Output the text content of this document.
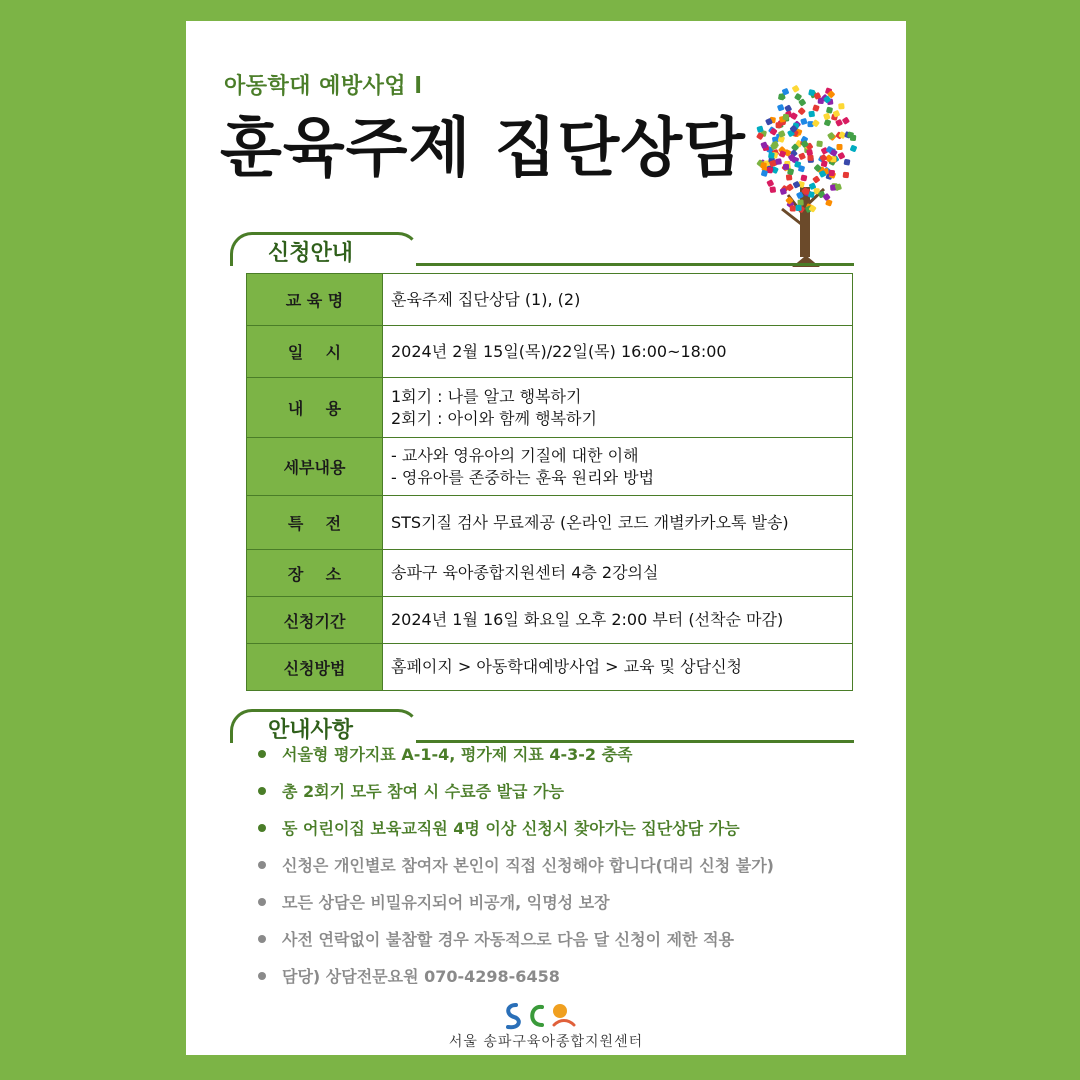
아동학대 예방사업 l
훈육주제 집단상담
신청안내
교 육 명	훈육주제 집단상담 (1), (2)
일    시	2024년 2월 15일(목)/22일(목) 16:00~18:00
내    용	1회기 : 나를 알고 행복하기
2회기 : 아이와 함께 행복하기

세부내용	- 교사와 영유아의 기질에 대한 이해
- 영유아를 존중하는 훈육 원리와 방법

특    전	STS기질 검사 무료제공 (온라인 코드 개별카카오톡 발송)
장    소	송파구 육아종합지원센터 4층 2강의실
신청기간	2024년 1월 16일 화요일 오후 2:00 부터 (선착순 마감)
신청방법	홈페이지 > 아동학대예방사업 > 교육 및 상담신청
안내사항
서울형 평가지표 A-1-4, 평가제 지표 4-3-2 충족
총 2회기 모두 참여 시 수료증 발급 가능
동 어린이집 보육교직원 4명 이상 신청시 찾아가는 집단상담 가능
신청은 개인별로 참여자 본인이 직접 신청해야 합니다(대리 신청 불가)
모든 상담은 비밀유지되어 비공개, 익명성 보장
사전 연락없이 불참할 경우 자동적으로 다음 달 신청이 제한 적용
담당) 상담전문요원 070-4298-6458
서울 송파구육아종합지원센터
